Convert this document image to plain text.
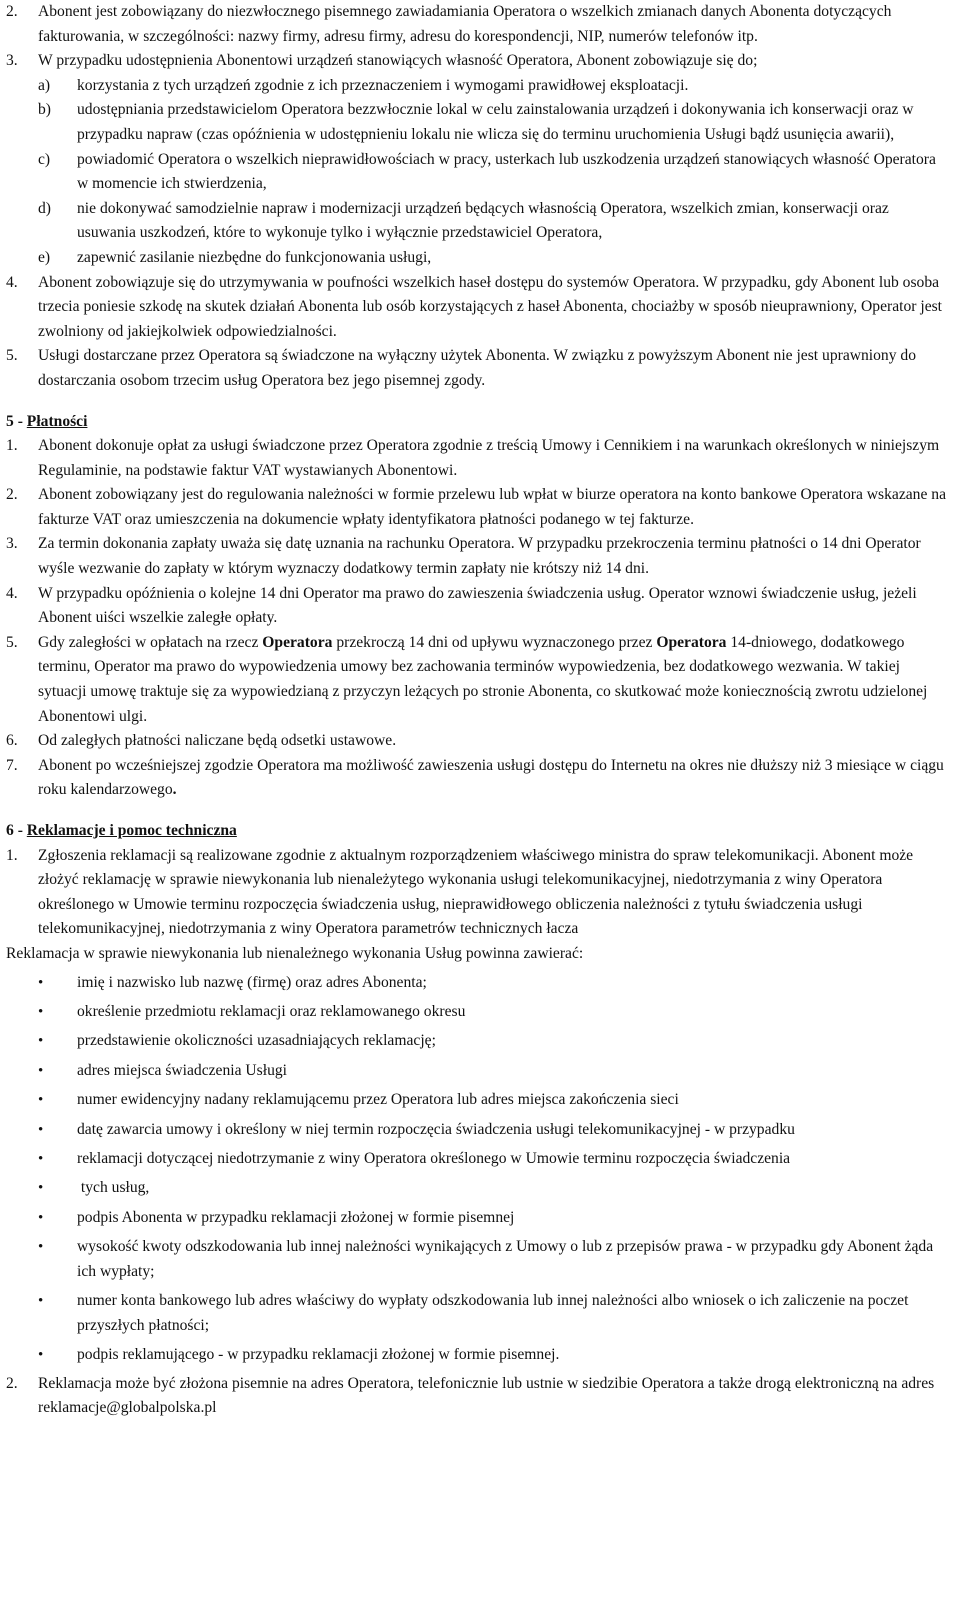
2. Abonent jest zobowiązany do niezwłocznego pisemnego zawiadamiania Operatora o wszelkich zmianach danych Abonenta dotyczących fakturowania, w szczególności: nazwy firmy, adresu firmy, adresu do korespondencji, NIP, numerów telefonów itp.

3. W przypadku udostępnienia Abonentowi urządzeń stanowiących własność Operatora, Abonent zobowiązuje się do;

a) korzystania z tych urządzeń zgodnie z ich przeznaczeniem i wymogami prawidłowej eksploatacji.

b) udostępniania przedstawicielom Operatora bezzwłocznie lokal w celu zainstalowania urządzeń i dokonywania ich konserwacji oraz w przypadku napraw (czas opóźnienia w udostępnieniu lokalu nie wlicza się do terminu uruchomienia Usługi bądź usunięcia awarii),

c) powiadomić Operatora o wszelkich nieprawidłowościach w pracy, usterkach lub uszkodzenia urządzeń stanowiących własność Operatora w momencie ich stwierdzenia,

d) nie dokonywać samodzielnie napraw i modernizacji urządzeń będących własnością Operatora, wszelkich zmian, konserwacji oraz usuwania uszkodzeń, które to wykonuje tylko i wyłącznie przedstawiciel Operatora,

e) zapewnić zasilanie niezbędne do funkcjonowania usługi,

4. Abonent zobowiązuje się do utrzymywania w poufności wszelkich haseł dostępu do systemów Operatora. W przypadku, gdy Abonent lub osoba trzecia poniesie szkodę na skutek działań Abonenta lub osób korzystających z haseł Abonenta, chociażby w sposób nieuprawniony, Operator jest zwolniony od jakiejkolwiek odpowiedzialności.

5. Usługi dostarczane przez Operatora są świadczone na wyłączny użytek Abonenta. W związku z powyższym Abonent nie jest uprawniony do dostarczania osobom trzecim usług Operatora bez jego pisemnej zgody.

5 - Płatności

1. Abonent dokonuje opłat za usługi świadczone przez Operatora zgodnie z treścią Umowy i Cennikiem i na warunkach określonych w niniejszym Regulaminie, na podstawie faktur VAT wystawianych Abonentowi.

2. Abonent zobowiązany jest do regulowania należności w formie przelewu lub wpłat w biurze operatora na konto bankowe Operatora wskazane na fakturze VAT oraz umieszczenia na dokumencie wpłaty identyfikatora płatności podanego w tej fakturze.

3. Za termin dokonania zapłaty uważa się datę uznania na rachunku Operatora. W przypadku przekroczenia terminu płatności o 14 dni Operator wyśle wezwanie do zapłaty w którym wyznaczy dodatkowy termin zapłaty nie krótszy niż 14 dni.

4. W przypadku opóźnienia o kolejne 14 dni Operator ma prawo do zawieszenia świadczenia usług. Operator wznowi świadczenie usług, jeżeli Abonent uiści wszelkie zaległe opłaty.

5. Gdy zaległości w opłatach na rzecz Operatora przekroczą 14 dni od upływu wyznaczonego przez Operatora 14-dniowego, dodatkowego terminu, Operator ma prawo do wypowiedzenia umowy bez zachowania terminów wypowiedzenia, bez dodatkowego wezwania. W takiej sytuacji umowę traktuje się za wypowiedzianą z przyczyn leżących po stronie Abonenta, co skutkować może koniecznością zwrotu udzielonej Abonentowi ulgi.

6. Od zaległych płatności naliczane będą odsetki ustawowe.

7. Abonent po wcześniejszej zgodzie Operatora ma możliwość zawieszenia usługi dostępu do Internetu na okres nie dłuższy niż 3 miesiące w ciągu roku kalendarzowego.

6 - Reklamacje i pomoc techniczna

1. Zgłoszenia reklamacji są realizowane zgodnie z aktualnym rozporządzeniem właściwego ministra do spraw telekomunikacji. Abonent może złożyć reklamację w sprawie niewykonania lub nienależytego wykonania usługi telekomunikacyjnej, niedotrzymania z winy Operatora określonego w Umowie terminu rozpoczęcia świadczenia usług, nieprawidłowego obliczenia należności z tytułu świadczenia usługi telekomunikacyjnej, niedotrzymania z winy Operatora parametrów technicznych łacza

Reklamacja w sprawie niewykonania lub nienależnego wykonania Usług powinna zawierać:

• imię i nazwisko lub nazwę (firmę) oraz adres Abonenta;

• określenie przedmiotu reklamacji oraz reklamowanego okresu

• przedstawienie okoliczności uzasadniających reklamację;

• adres miejsca świadczenia Usługi

• numer ewidencyjny nadany reklamującemu przez Operatora lub adres miejsca zakończenia sieci

• datę zawarcia umowy i określony w niej termin rozpoczęcia świadczenia usługi telekomunikacyjnej - w przypadku

• reklamacji dotyczącej niedotrzymanie z winy Operatora określonego w Umowie terminu rozpoczęcia świadczenia

• tych usług,

• podpis Abonenta w przypadku reklamacji złożonej w formie pisemnej

• wysokość kwoty odszkodowania lub innej należności wynikających z Umowy o lub z przepisów prawa - w przypadku gdy Abonent żąda ich wypłaty;

• numer konta bankowego lub adres właściwy do wypłaty odszkodowania lub innej należności albo wniosek o ich zaliczenie na poczet przyszłych płatności;

• podpis reklamującego - w przypadku reklamacji złożonej w formie pisemnej.

2. Reklamacja może być złożona pisemnie na adres Operatora, telefonicznie lub ustnie w siedzibie Operatora a także drogą elektroniczną na adres reklamacje@globalpolska.pl
